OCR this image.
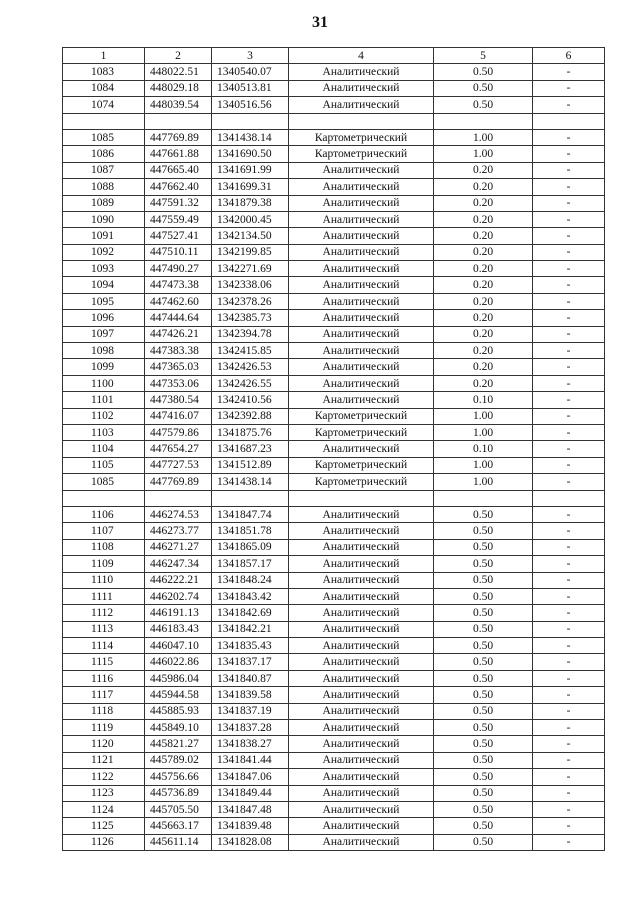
31
1	2	3	4	5	6
1083	448022.51	1340540.07	Аналитический	0.50	-
1084	448029.18	1340513.81	Аналитический	0.50	-
1074	448039.54	1340516.56	Аналитический	0.50	-

1085	447769.89	1341438.14	Картометрический	1.00	-
1086	447661.88	1341690.50	Картометрический	1.00	-
1087	447665.40	1341691.99	Аналитический	0.20	-
1088	447662.40	1341699.31	Аналитический	0.20	-
1089	447591.32	1341879.38	Аналитический	0.20	-
1090	447559.49	1342000.45	Аналитический	0.20	-
1091	447527.41	1342134.50	Аналитический	0.20	-
1092	447510.11	1342199.85	Аналитический	0.20	-
1093	447490.27	1342271.69	Аналитический	0.20	-
1094	447473.38	1342338.06	Аналитический	0.20	-
1095	447462.60	1342378.26	Аналитический	0.20	-
1096	447444.64	1342385.73	Аналитический	0.20	-
1097	447426.21	1342394.78	Аналитический	0.20	-
1098	447383.38	1342415.85	Аналитический	0.20	-
1099	447365.03	1342426.53	Аналитический	0.20	-
1100	447353.06	1342426.55	Аналитический	0.20	-
1101	447380.54	1342410.56	Аналитический	0.10	-
1102	447416.07	1342392.88	Картометрический	1.00	-
1103	447579.86	1341875.76	Картометрический	1.00	-
1104	447654.27	1341687.23	Аналитический	0.10	-
1105	447727.53	1341512.89	Картометрический	1.00	-
1085	447769.89	1341438.14	Картометрический	1.00	-

1106	446274.53	1341847.74	Аналитический	0.50	-
1107	446273.77	1341851.78	Аналитический	0.50	-
1108	446271.27	1341865.09	Аналитический	0.50	-
1109	446247.34	1341857.17	Аналитический	0.50	-
1110	446222.21	1341848.24	Аналитический	0.50	-
1111	446202.74	1341843.42	Аналитический	0.50	-
1112	446191.13	1341842.69	Аналитический	0.50	-
1113	446183.43	1341842.21	Аналитический	0.50	-
1114	446047.10	1341835.43	Аналитический	0.50	-
1115	446022.86	1341837.17	Аналитический	0.50	-
1116	445986.04	1341840.87	Аналитический	0.50	-
1117	445944.58	1341839.58	Аналитический	0.50	-
1118	445885.93	1341837.19	Аналитический	0.50	-
1119	445849.10	1341837.28	Аналитический	0.50	-
1120	445821.27	1341838.27	Аналитический	0.50	-
1121	445789.02	1341841.44	Аналитический	0.50	-
1122	445756.66	1341847.06	Аналитический	0.50	-
1123	445736.89	1341849.44	Аналитический	0.50	-
1124	445705.50	1341847.48	Аналитический	0.50	-
1125	445663.17	1341839.48	Аналитический	0.50	-
1126	445611.14	1341828.08	Аналитический	0.50	-
